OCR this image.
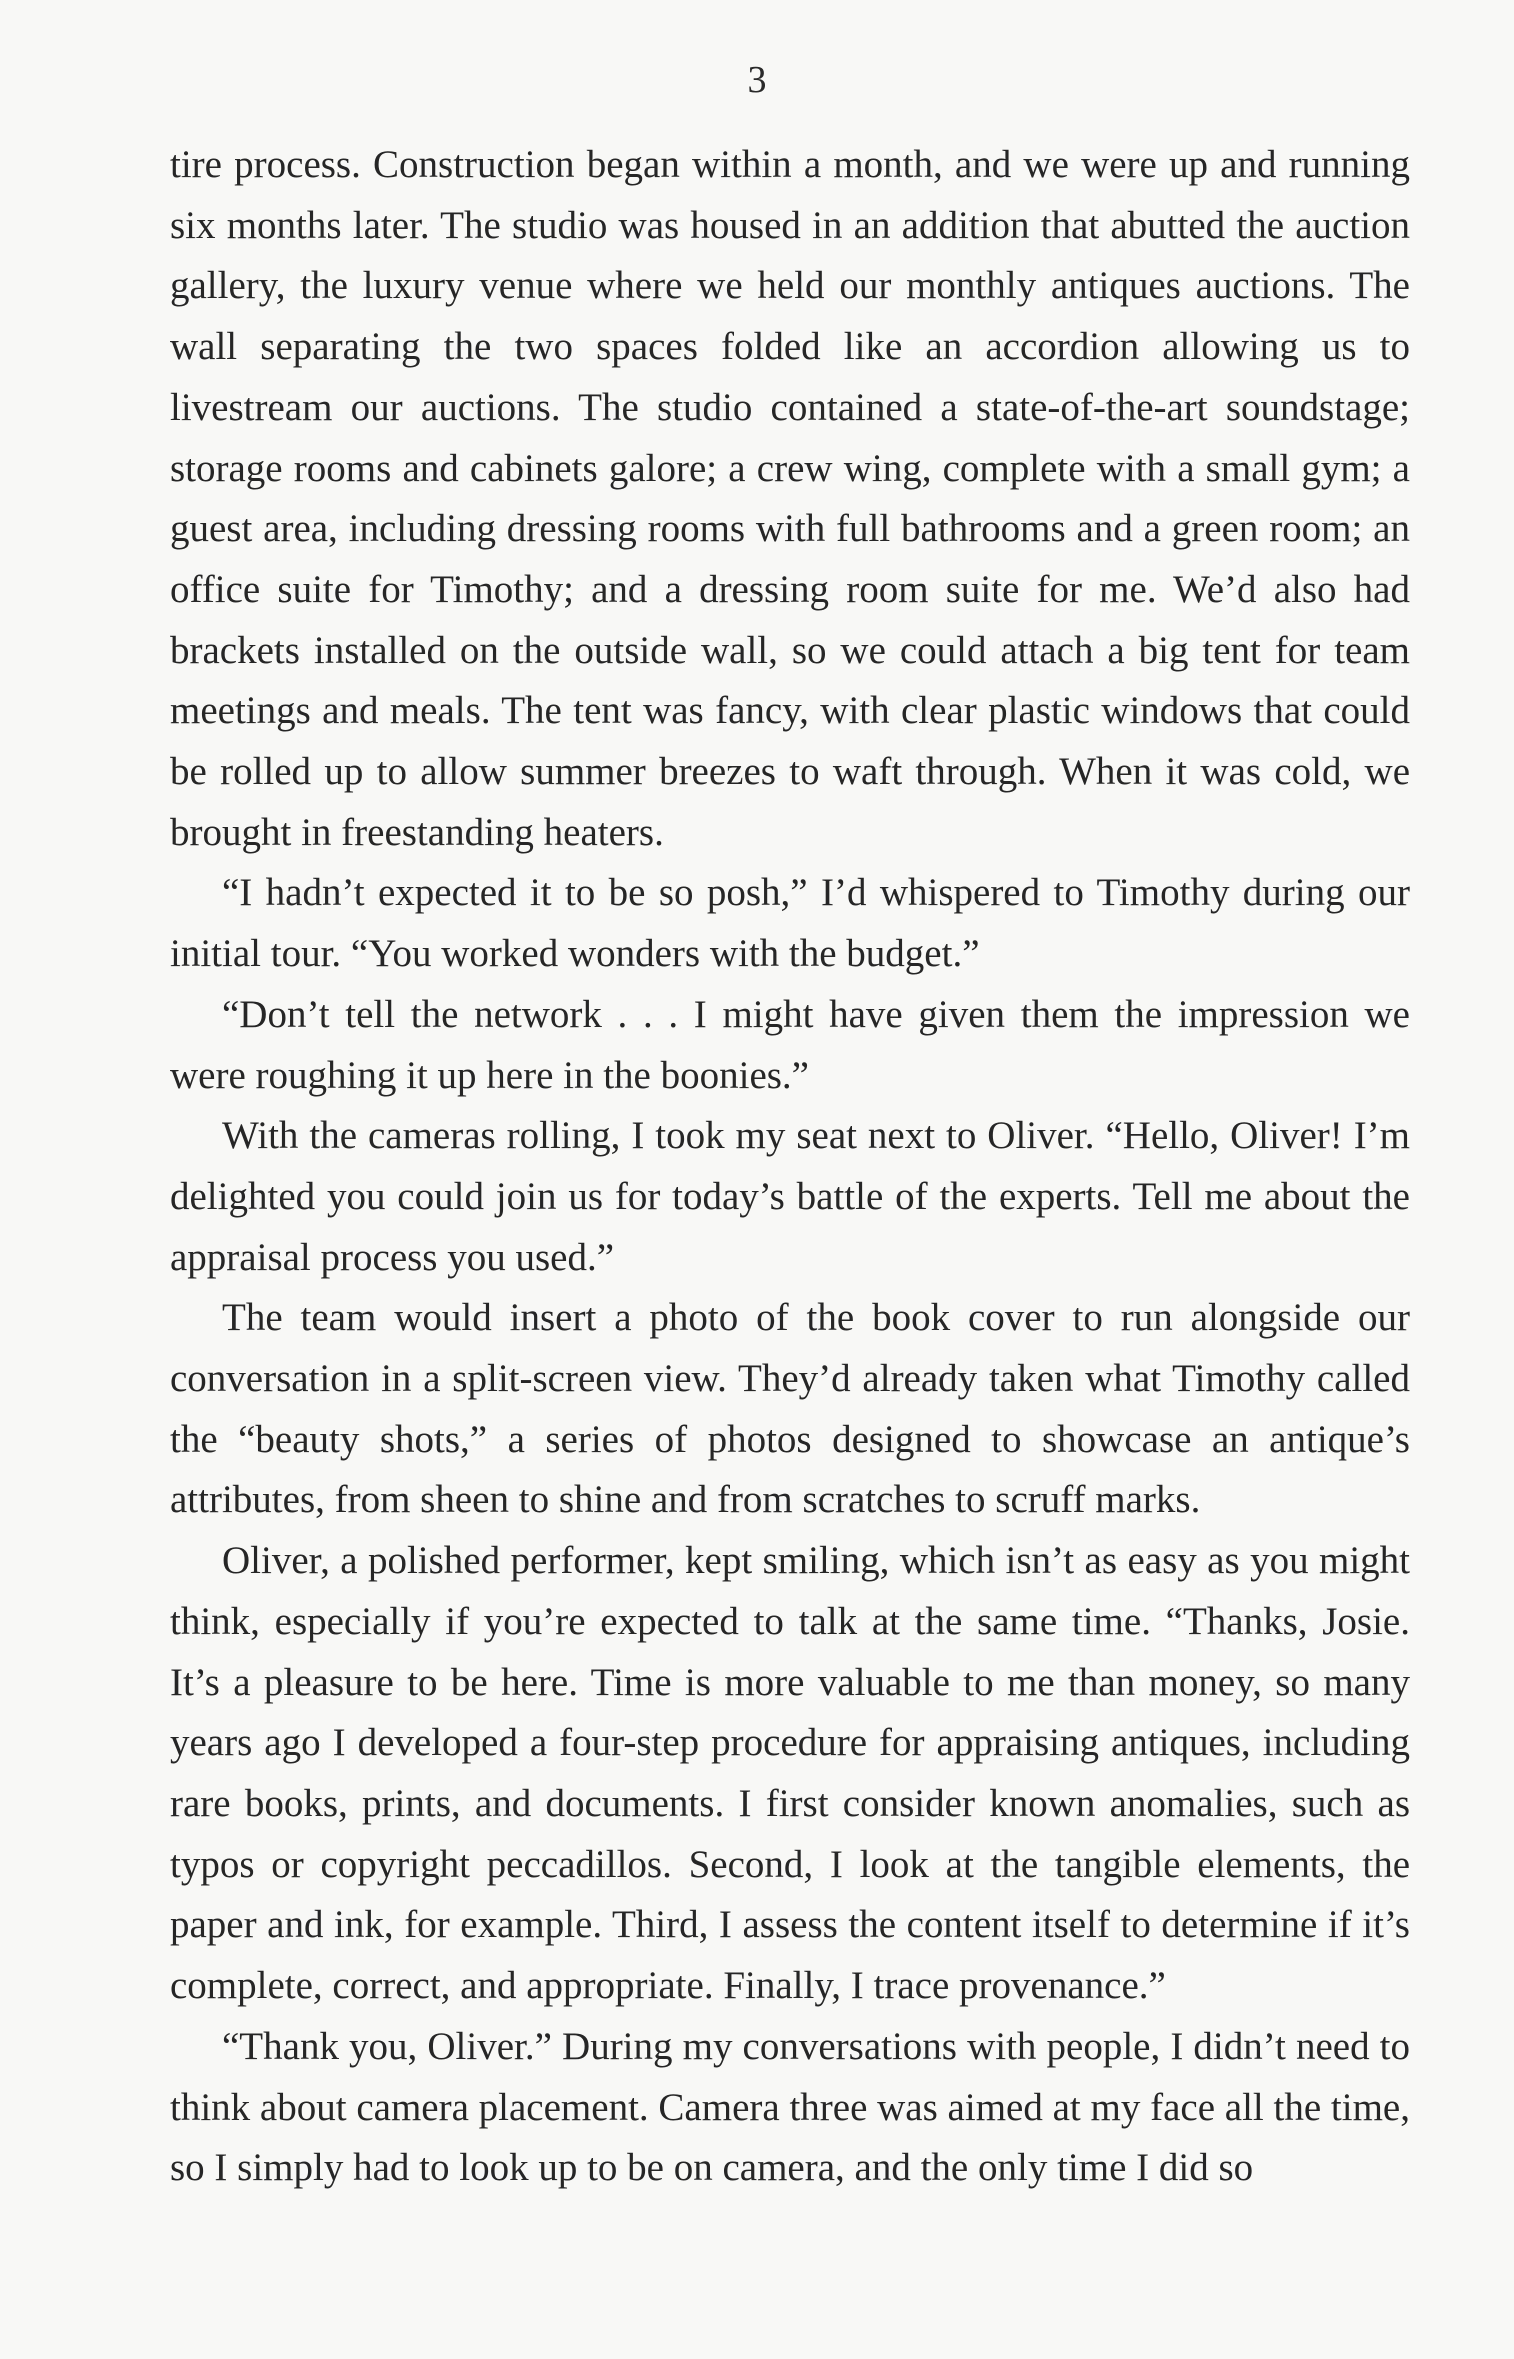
3

tire process. Construction began within a month, and we were up and running six months later. The studio was housed in an addition that abutted the auction gallery, the luxury venue where we held our monthly antiques auctions. The wall separating the two spaces folded like an accordion allowing us to livestream our auctions. The studio contained a state-of-the-art soundstage; storage rooms and cabinets galore; a crew wing, complete with a small gym; a guest area, including dressing rooms with full bathrooms and a green room; an office suite for Timothy; and a dressing room suite for me. We’d also had brackets installed on the outside wall, so we could attach a big tent for team meetings and meals. The tent was fancy, with clear plastic windows that could be rolled up to allow summer breezes to waft through. When it was cold, we brought in freestanding heaters.

“I hadn’t expected it to be so posh,” I’d whispered to Timothy during our initial tour. “You worked wonders with the budget.”

“Don’t tell the network . . . I might have given them the impression we were roughing it up here in the boonies.”

With the cameras rolling, I took my seat next to Oliver. “Hello, Oliver! I’m delighted you could join us for today’s battle of the experts. Tell me about the appraisal process you used.”

The team would insert a photo of the book cover to run alongside our conversation in a split-screen view. They’d already taken what Timothy called the “beauty shots,” a series of photos designed to showcase an antique’s attributes, from sheen to shine and from scratches to scruff marks.

Oliver, a polished performer, kept smiling, which isn’t as easy as you might think, especially if you’re expected to talk at the same time. “Thanks, Josie. It’s a pleasure to be here. Time is more valuable to me than money, so many years ago I developed a four-step procedure for appraising antiques, including rare books, prints, and documents. I first consider known anomalies, such as typos or copyright peccadillos. Second, I look at the tangible elements, the paper and ink, for example. Third, I assess the content itself to determine if it’s complete, correct, and appropriate. Finally, I trace provenance.”

“Thank you, Oliver.” During my conversations with people, I didn’t need to think about camera placement. Camera three was aimed at my face all the time, so I simply had to look up to be on camera, and the only time I did so
